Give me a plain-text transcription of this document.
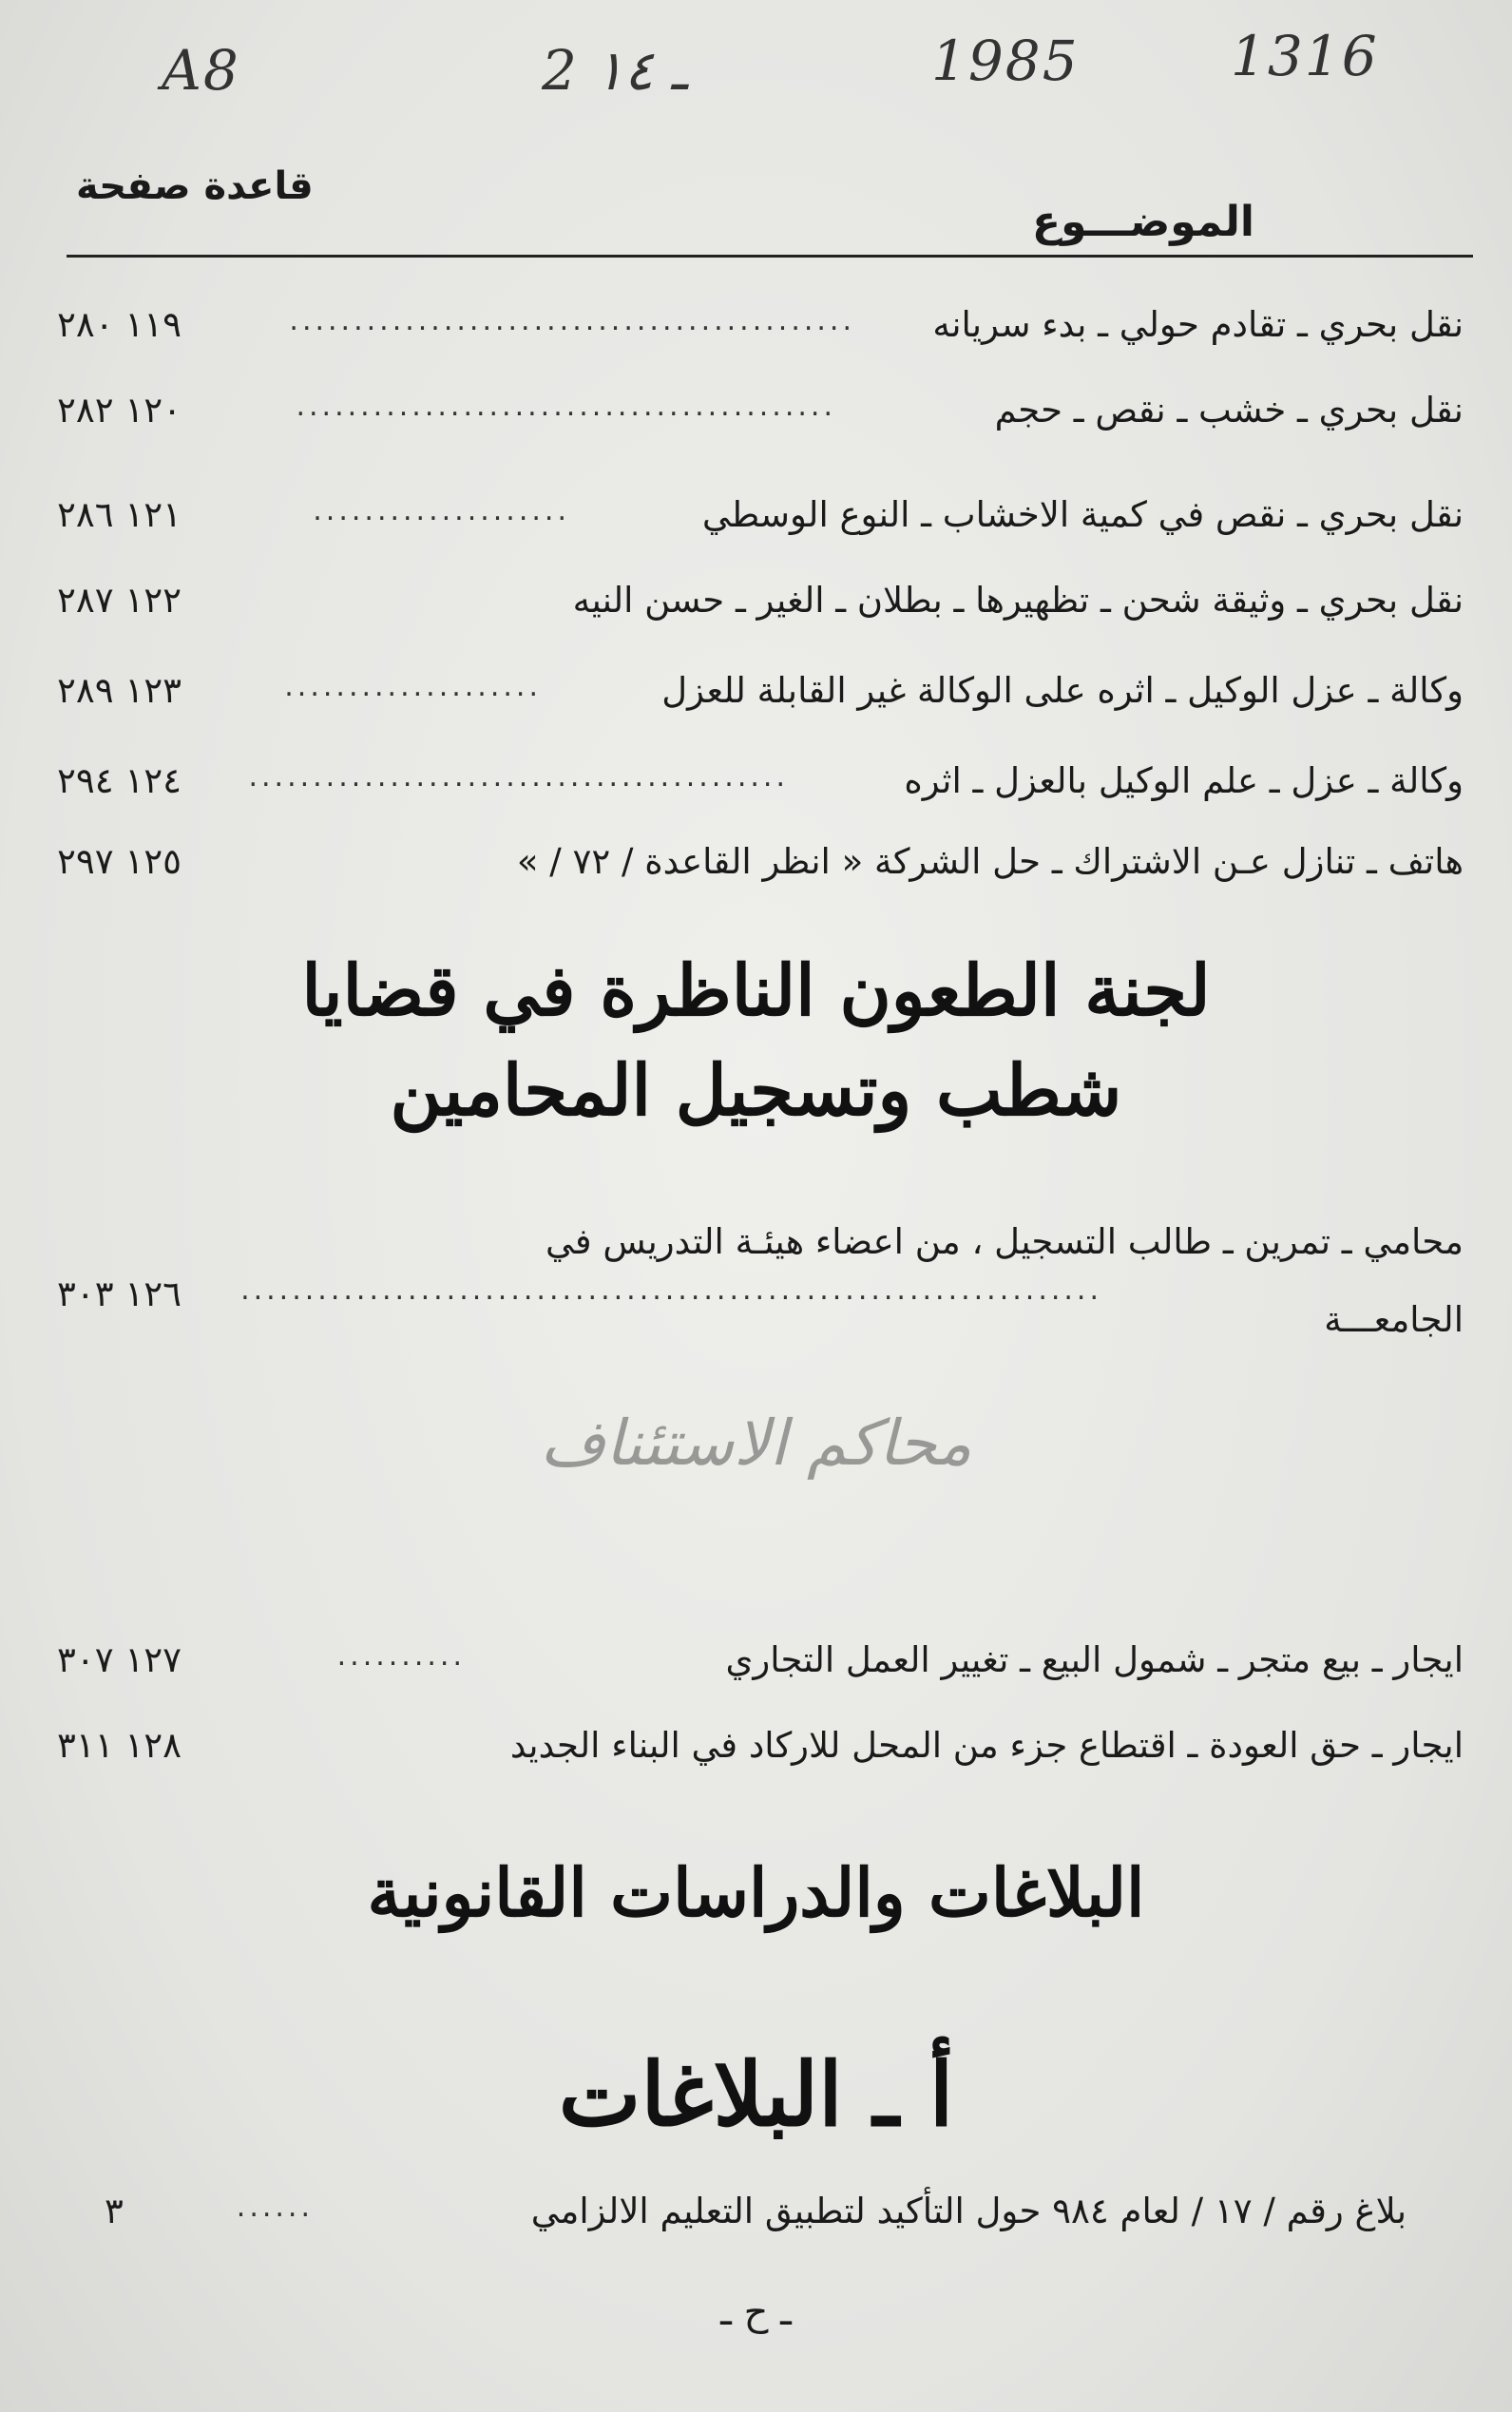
A8	2 ـ ١٤	1985	1316
قاعدة صفحة
الموضـــوع
نقل بحري ـ تقادم حولي ـ بدء سريانه
............................................
١١٩ ٢٨٠
نقل بحري ـ خشب ـ نقص ـ حجم
..........................................
١٢٠ ٢٨٢
نقل بحري ـ نقص في كمية الاخشاب ـ النوع الوسطي
....................
١٢١ ٢٨٦
نقل بحري ـ وثيقة شحن ـ تظهيرها ـ بطلان ـ الغير ـ حسن النيه
١٢٢ ٢٨٧
وكالة ـ عزل الوكيل ـ اثره على الوكالة غير القابلة للعزل
....................
١٢٣ ٢٨٩
وكالة ـ عزل ـ علم الوكيل بالعزل ـ اثره
..........................................
١٢٤ ٢٩٤
هاتف ـ تنازل عـن الاشتراك ـ حل الشركة « انظر القاعدة / ٧٢ / »
١٢٥ ٢٩٧
لجنة الطعون الناظرة في قضايا
شطب وتسجيل المحامين
محامي ـ تمرين ـ طالب التسجيل ، من اعضاء هيئـة التدريس في
الجامعـــة
...................................................................
١٢٦ ٣٠٣
محاكم الاستئناف
ايجار ـ بيع متجر ـ شمول البيع ـ تغيير العمل التجاري
..........
١٢٧ ٣٠٧
ايجار ـ حق العودة ـ اقتطاع جزء من المحل للاركاد في البناء الجديد
١٢٨ ٣١١
البلاغات والدراسات القانونية
أ ـ البلاغات
بلاغ رقم / ١٧ / لعام ٩٨٤ حول التأكيد لتطبيق التعليم الالزامي
......
٣
ـ ح ـ
